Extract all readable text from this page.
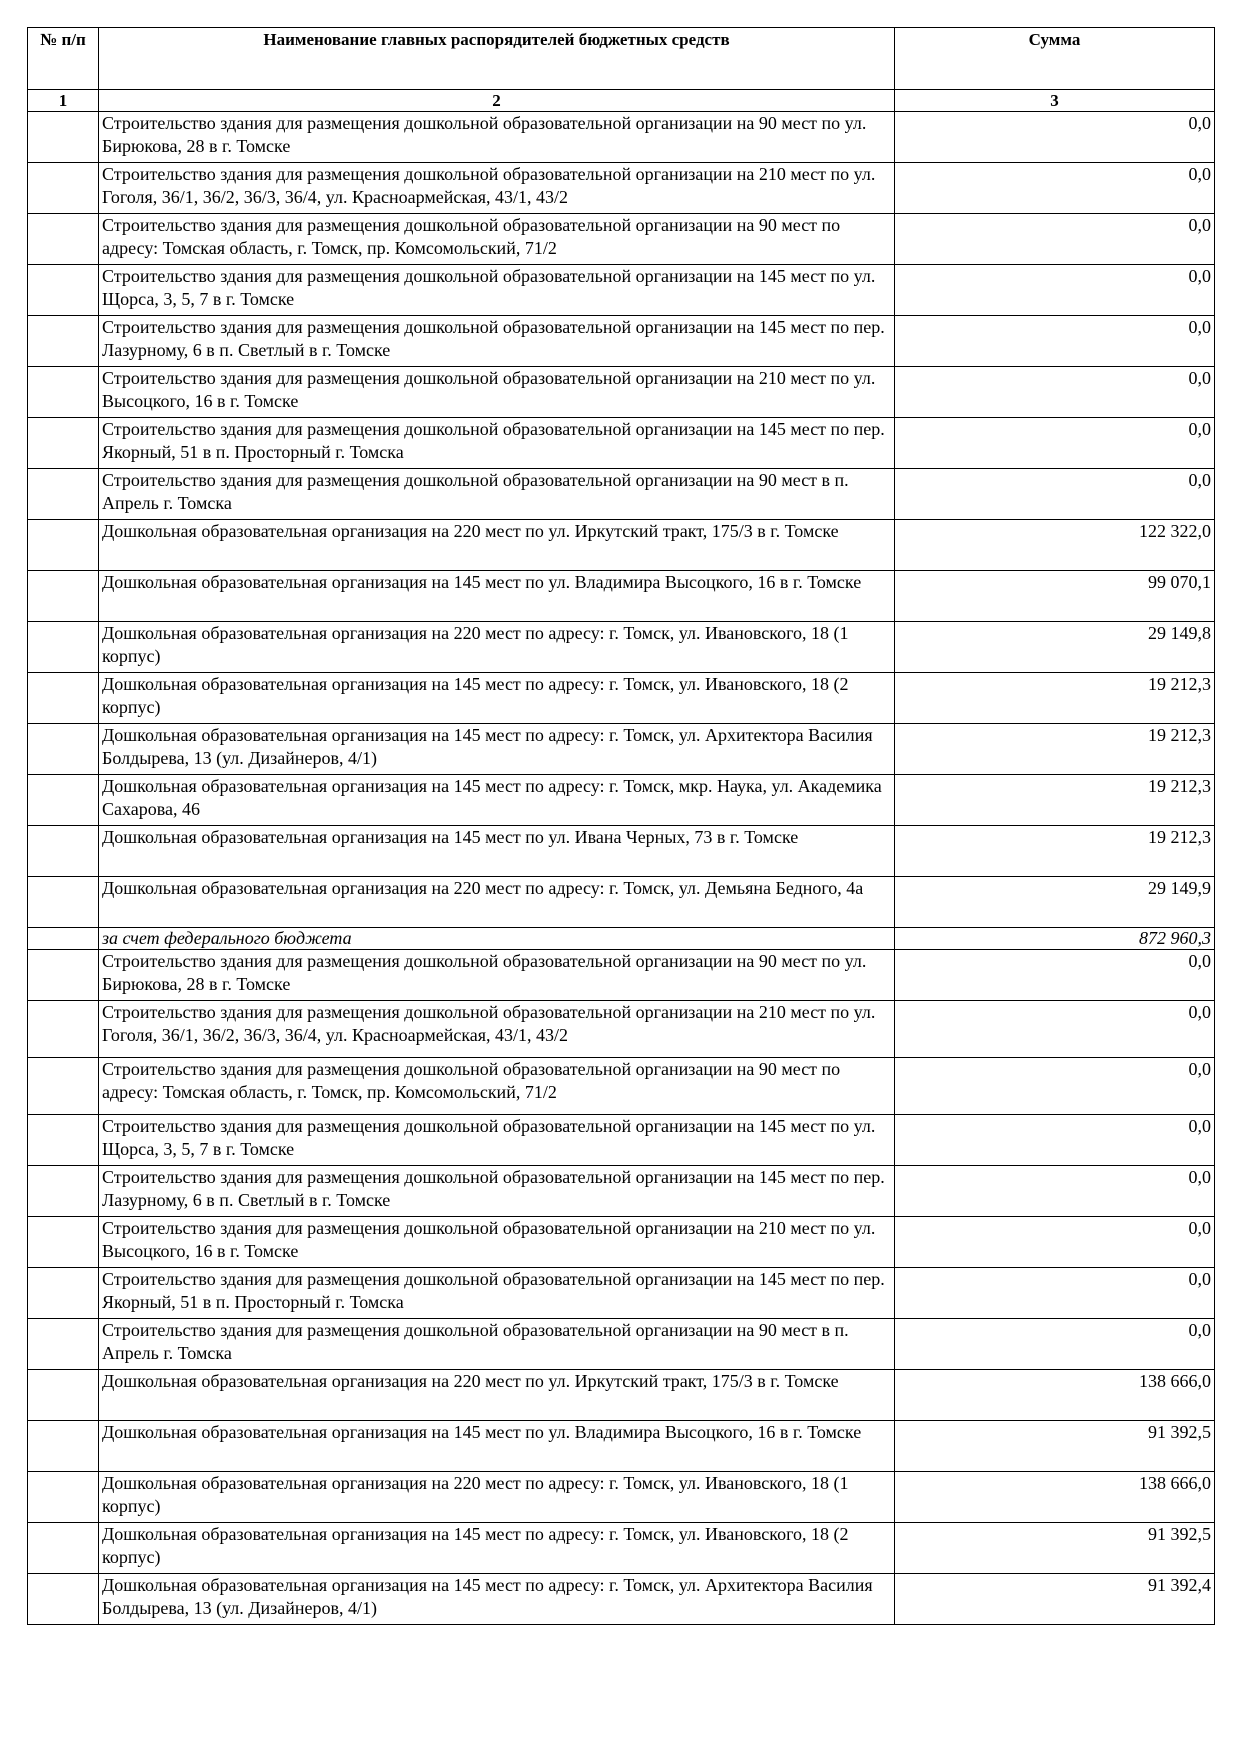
№ п/п	Наименование главных распорядителей бюджетных средств	Сумма
1	2	3
	Строительство здания для размещения дошкольной образовательной организации на 90 мест по ул. Бирюкова, 28 в г. Томске	0,0
	Строительство здания для размещения дошкольной образовательной организации на 210 мест по ул. Гоголя, 36/1, 36/2, 36/3, 36/4, ул. Красноармейская, 43/1, 43/2	0,0
	Строительство здания для размещения дошкольной образовательной организации на 90 мест по адресу: Томская область, г. Томск, пр. Комсомольский, 71/2	0,0
	Строительство здания для размещения дошкольной образовательной организации на 145 мест по ул. Щорса, 3, 5, 7 в г. Томске	0,0
	Строительство здания для размещения дошкольной образовательной организации на 145 мест по пер. Лазурному, 6 в п. Светлый в г. Томске	0,0
	Строительство здания для размещения дошкольной образовательной организации на 210 мест по ул. Высоцкого, 16 в г. Томске	0,0
	Строительство здания для размещения дошкольной образовательной организации на 145 мест по пер. Якорный, 51 в п. Просторный г. Томска	0,0
	Строительство здания для размещения дошкольной образовательной организации на 90 мест в п. Апрель г. Томска	0,0
	Дошкольная образовательная организация на 220 мест по ул. Иркутский тракт, 175/3 в г. Томске	122 322,0
	Дошкольная образовательная организация на 145 мест по ул. Владимира Высоцкого, 16 в г. Томске	99 070,1
	Дошкольная образовательная организация на 220 мест по адресу: г. Томск, ул. Ивановского, 18 (1 корпус)	29 149,8
	Дошкольная образовательная организация на 145 мест по адресу: г. Томск, ул. Ивановского, 18 (2 корпус)	19 212,3
	Дошкольная образовательная организация на 145 мест по адресу: г. Томск, ул. Архитектора Василия Болдырева, 13 (ул. Дизайнеров, 4/1)	19 212,3
	Дошкольная образовательная организация на 145 мест по адресу: г. Томск, мкр. Наука, ул. Академика Сахарова, 46	19 212,3
	Дошкольная образовательная организация на 145 мест по ул. Ивана Черных, 73 в г. Томске	19 212,3
	Дошкольная образовательная организация на 220 мест по адресу: г. Томск, ул. Демьяна Бедного, 4а	29 149,9
	за счет федерального бюджета	872 960,3
	Строительство здания для размещения дошкольной образовательной организации на 90 мест по ул. Бирюкова, 28 в г. Томске	0,0
	Строительство здания для размещения дошкольной образовательной организации на 210 мест по ул. Гоголя, 36/1, 36/2, 36/3, 36/4, ул. Красноармейская, 43/1, 43/2	0,0
	Строительство здания для размещения дошкольной образовательной организации на 90 мест по адресу: Томская область, г. Томск, пр. Комсомольский, 71/2	0,0
	Строительство здания для размещения дошкольной образовательной организации на 145 мест по ул. Щорса, 3, 5, 7 в г. Томске	0,0
	Строительство здания для размещения дошкольной образовательной организации на 145 мест по пер. Лазурному, 6 в п. Светлый в г. Томске	0,0
	Строительство здания для размещения дошкольной образовательной организации на 210 мест по ул. Высоцкого, 16 в г. Томске	0,0
	Строительство здания для размещения дошкольной образовательной организации на 145 мест по пер. Якорный, 51 в п. Просторный г. Томска	0,0
	Строительство здания для размещения дошкольной образовательной организации на 90 мест в п. Апрель г. Томска	0,0
	Дошкольная образовательная организация на 220 мест по ул. Иркутский тракт, 175/3 в г. Томске	138 666,0
	Дошкольная образовательная организация на 145 мест по ул. Владимира Высоцкого, 16 в г. Томске	91 392,5
	Дошкольная образовательная организация на 220 мест по адресу: г. Томск, ул. Ивановского, 18 (1 корпус)	138 666,0
	Дошкольная образовательная организация на 145 мест по адресу: г. Томск, ул. Ивановского, 18 (2 корпус)	91 392,5
	Дошкольная образовательная организация на 145 мест по адресу: г. Томск, ул. Архитектора Василия Болдырева, 13 (ул. Дизайнеров, 4/1)	91 392,4
